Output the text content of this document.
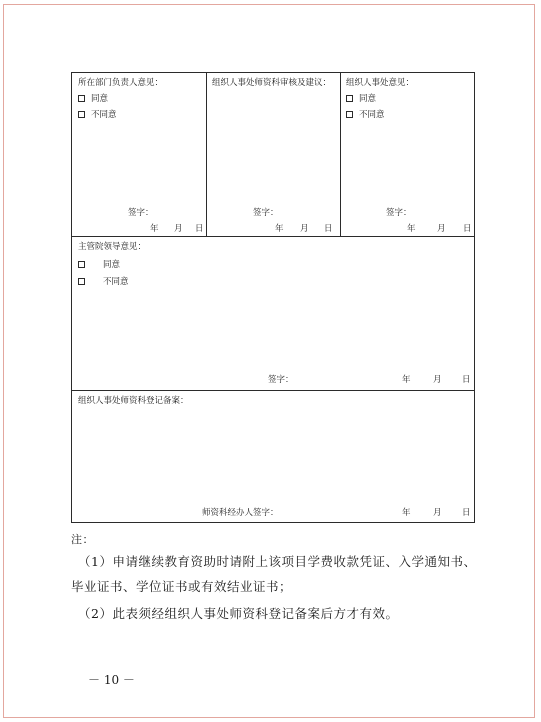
所在部门负责人意见：
同意
不同意
签字：
年 月 日
组织人事处师资科审核及建议：
签字：
年 月 日
组织人事处意见：
同意
不同意
签字：
年	月 日
主管院领导意见：
同意
不同意
签字：	年	月 日
组织人事处师资科登记备案：
师资科经办人签字：	年	月 日
注：
（1）申请继续教育资助时请附上该项目学费收款凭证、入学通知书、
毕业证书、学位证书或有效结业证书；
（2）此表须经组织人事处师资科登记备案后方才有效。
－ 10 －
